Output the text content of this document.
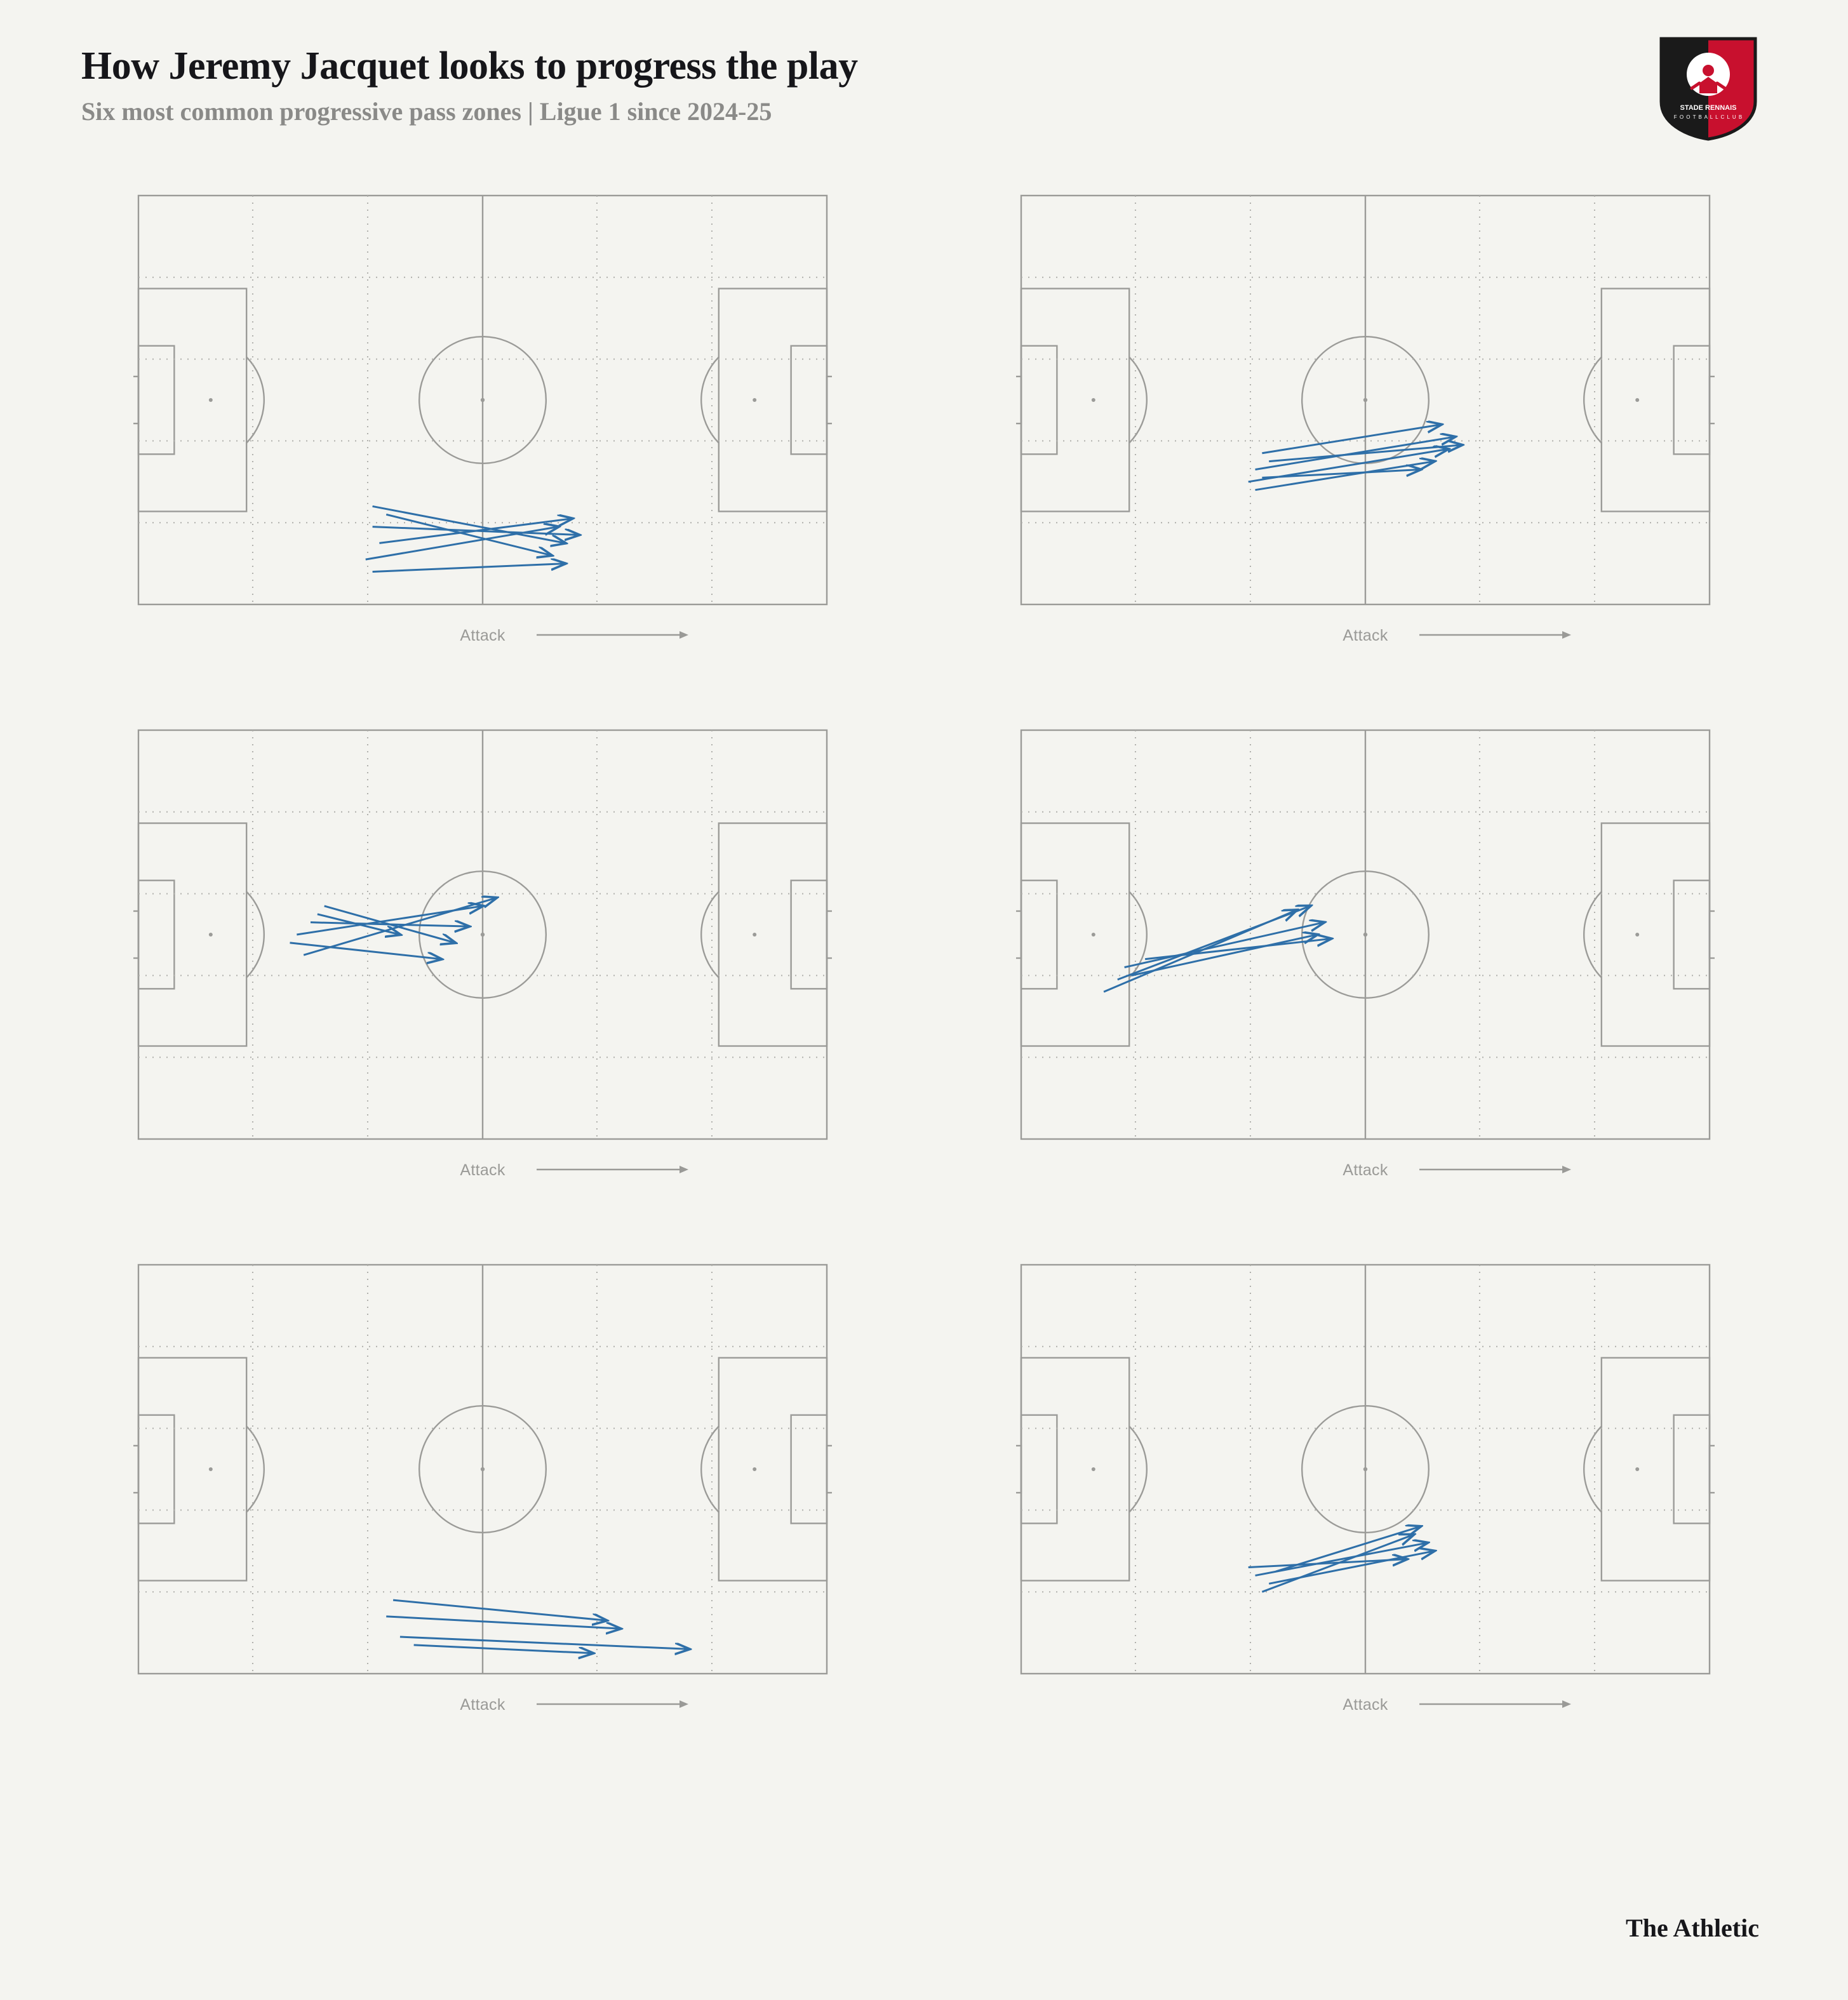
How Jeremy Jacquet looks to progress the play

Six most common progressive pass zones | Ligue 1 since 2024-25	STADE RENNAIS
F O O T B A L L C L U B
Attack	Attack
Attack	Attack
Attack	Attack
The Athletic
